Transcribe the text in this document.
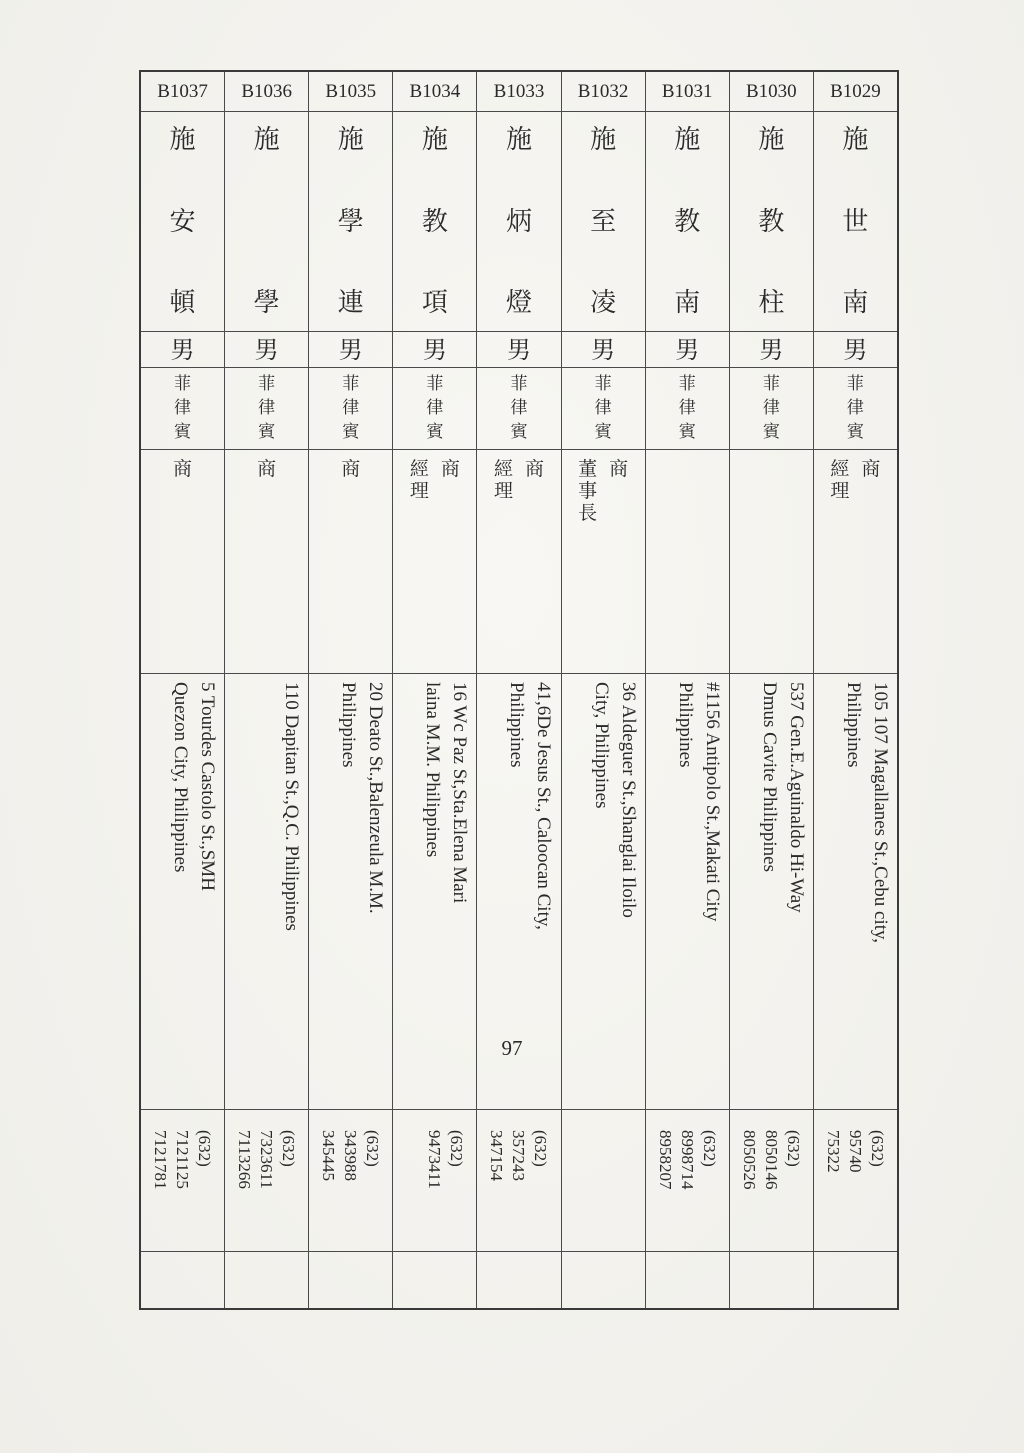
B1037
施
安
頓
男
菲
律
賓
商
5 Tourdes Castolo St.,SMH
Quezon City, Philippines
(632)
7121125
7121781
B1036
施
學
男
菲
律
賓
商
110 Dapitan St.,Q.C. Philippines
(632)
7323611
7113266
B1035
施
學
連
男
菲
律
賓
商
20 Deato St.,Balenzeula M.M.
Philippines
(632)
343988
345445
B1034
施
教
項
男
菲
律
賓
商
經
理
16 Wc Paz St,Sta.Elena Mari
laina M.M. Philippines
(632)
9473411
B1033
施
炳
燈
男
菲
律
賓
商
經
理
41,6De Jesus St., Caloocan City,
Philippines
(632)
357243
347154
B1032
施
至
凌
男
菲
律
賓
商
董
事
長
36 Aldeguer St.,Shanglai Iloilo
City, Philippines
B1031
施
教
南
男
菲
律
賓
#1156 Antipolo St.,Makati City
Philippines
(632)
8998714
8958207
B1030
施
教
柱
男
菲
律
賓
537 Gen.E.Aguinaldo Hi-Way
Dmus Cavite Philippines
(632)
8050146
8050526
B1029
施
世
南
男
菲
律
賓
商
經
理
105 107 Magallanes St.,Cebu city,
Philippines
(632)
95740
75322
97
